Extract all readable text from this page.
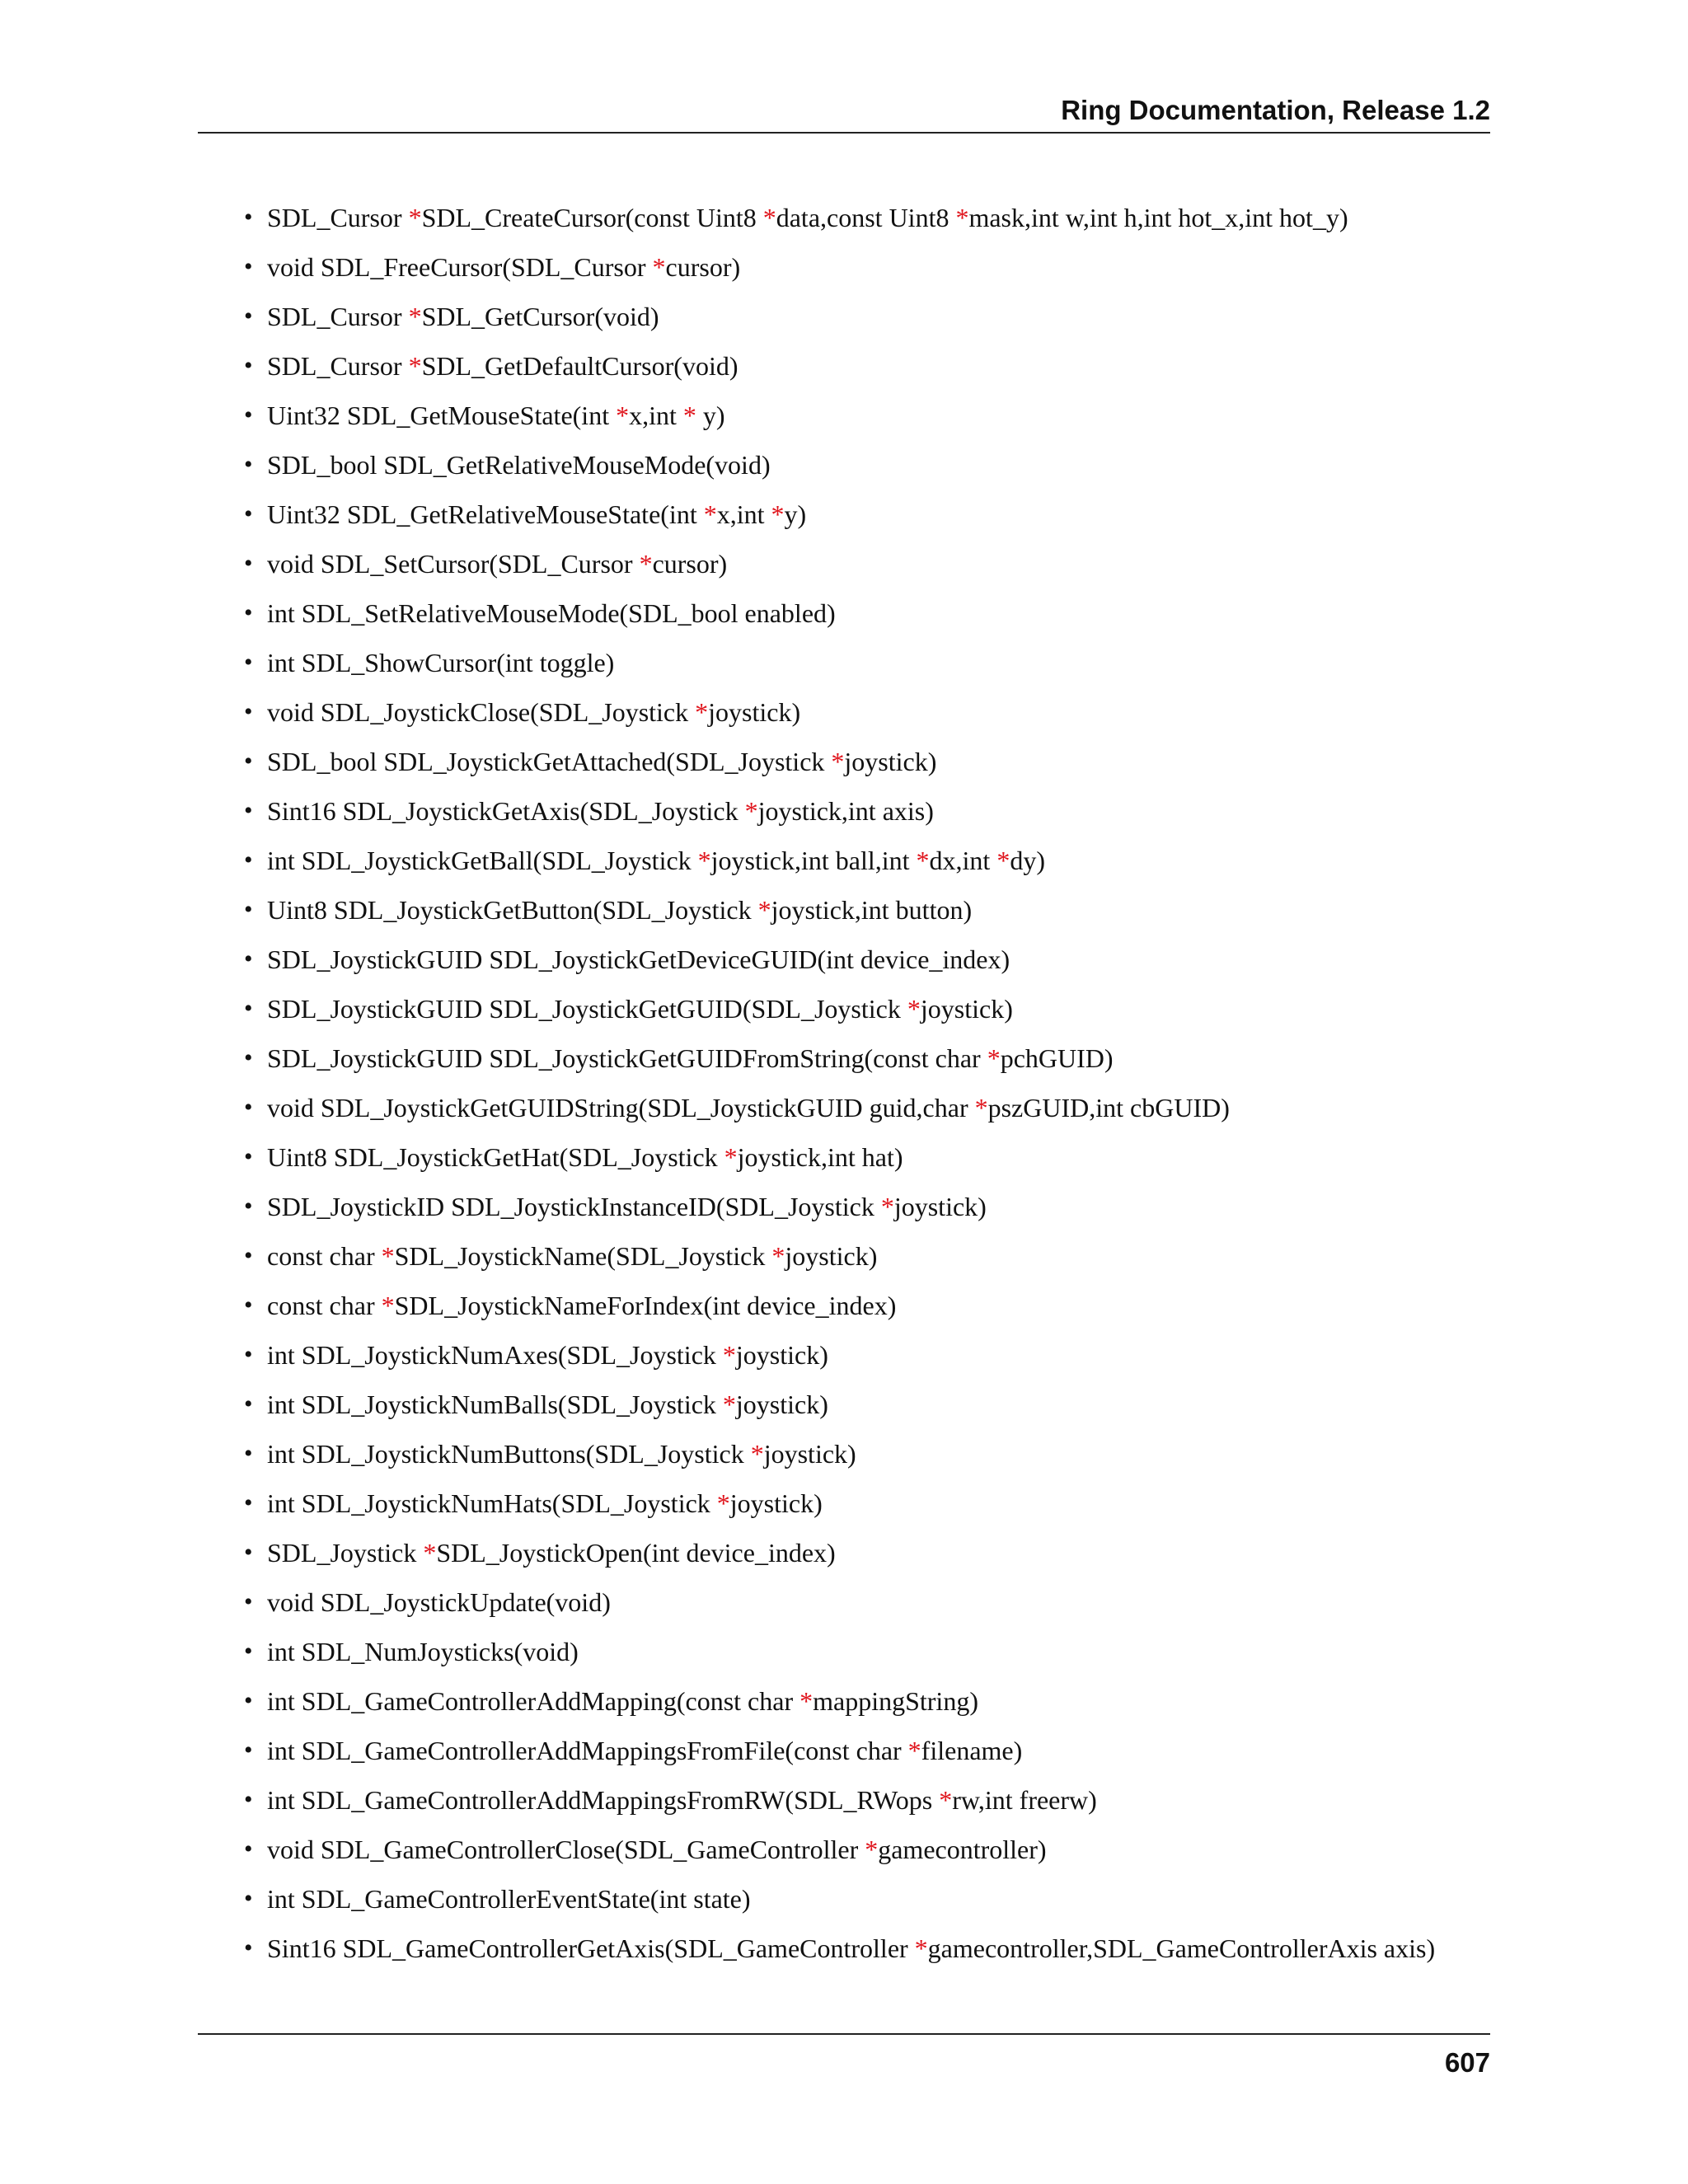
Ring Documentation, Release 1.2
• SDL_Cursor *SDL_CreateCursor(const Uint8 *data,const Uint8 *mask,int w,int h,int hot_x,int hot_y)
• void SDL_FreeCursor(SDL_Cursor *cursor)
• SDL_Cursor *SDL_GetCursor(void)
• SDL_Cursor *SDL_GetDefaultCursor(void)
• Uint32 SDL_GetMouseState(int *x,int * y)
• SDL_bool SDL_GetRelativeMouseMode(void)
• Uint32 SDL_GetRelativeMouseState(int *x,int *y)
• void SDL_SetCursor(SDL_Cursor *cursor)
• int SDL_SetRelativeMouseMode(SDL_bool enabled)
• int SDL_ShowCursor(int toggle)
• void SDL_JoystickClose(SDL_Joystick *joystick)
• SDL_bool SDL_JoystickGetAttached(SDL_Joystick *joystick)
• Sint16 SDL_JoystickGetAxis(SDL_Joystick *joystick,int axis)
• int SDL_JoystickGetBall(SDL_Joystick *joystick,int ball,int *dx,int *dy)
• Uint8 SDL_JoystickGetButton(SDL_Joystick *joystick,int button)
• SDL_JoystickGUID SDL_JoystickGetDeviceGUID(int device_index)
• SDL_JoystickGUID SDL_JoystickGetGUID(SDL_Joystick *joystick)
• SDL_JoystickGUID SDL_JoystickGetGUIDFromString(const char *pchGUID)
• void SDL_JoystickGetGUIDString(SDL_JoystickGUID guid,char *pszGUID,int cbGUID)
• Uint8 SDL_JoystickGetHat(SDL_Joystick *joystick,int hat)
• SDL_JoystickID SDL_JoystickInstanceID(SDL_Joystick *joystick)
• const char *SDL_JoystickName(SDL_Joystick *joystick)
• const char *SDL_JoystickNameForIndex(int device_index)
• int SDL_JoystickNumAxes(SDL_Joystick *joystick)
• int SDL_JoystickNumBalls(SDL_Joystick *joystick)
• int SDL_JoystickNumButtons(SDL_Joystick *joystick)
• int SDL_JoystickNumHats(SDL_Joystick *joystick)
• SDL_Joystick *SDL_JoystickOpen(int device_index)
• void SDL_JoystickUpdate(void)
• int SDL_NumJoysticks(void)
• int SDL_GameControllerAddMapping(const char *mappingString)
• int SDL_GameControllerAddMappingsFromFile(const char *filename)
• int SDL_GameControllerAddMappingsFromRW(SDL_RWops *rw,int freerw)
• void SDL_GameControllerClose(SDL_GameController *gamecontroller)
• int SDL_GameControllerEventState(int state)
• Sint16 SDL_GameControllerGetAxis(SDL_GameController *gamecontroller,SDL_GameControllerAxis axis)
607
